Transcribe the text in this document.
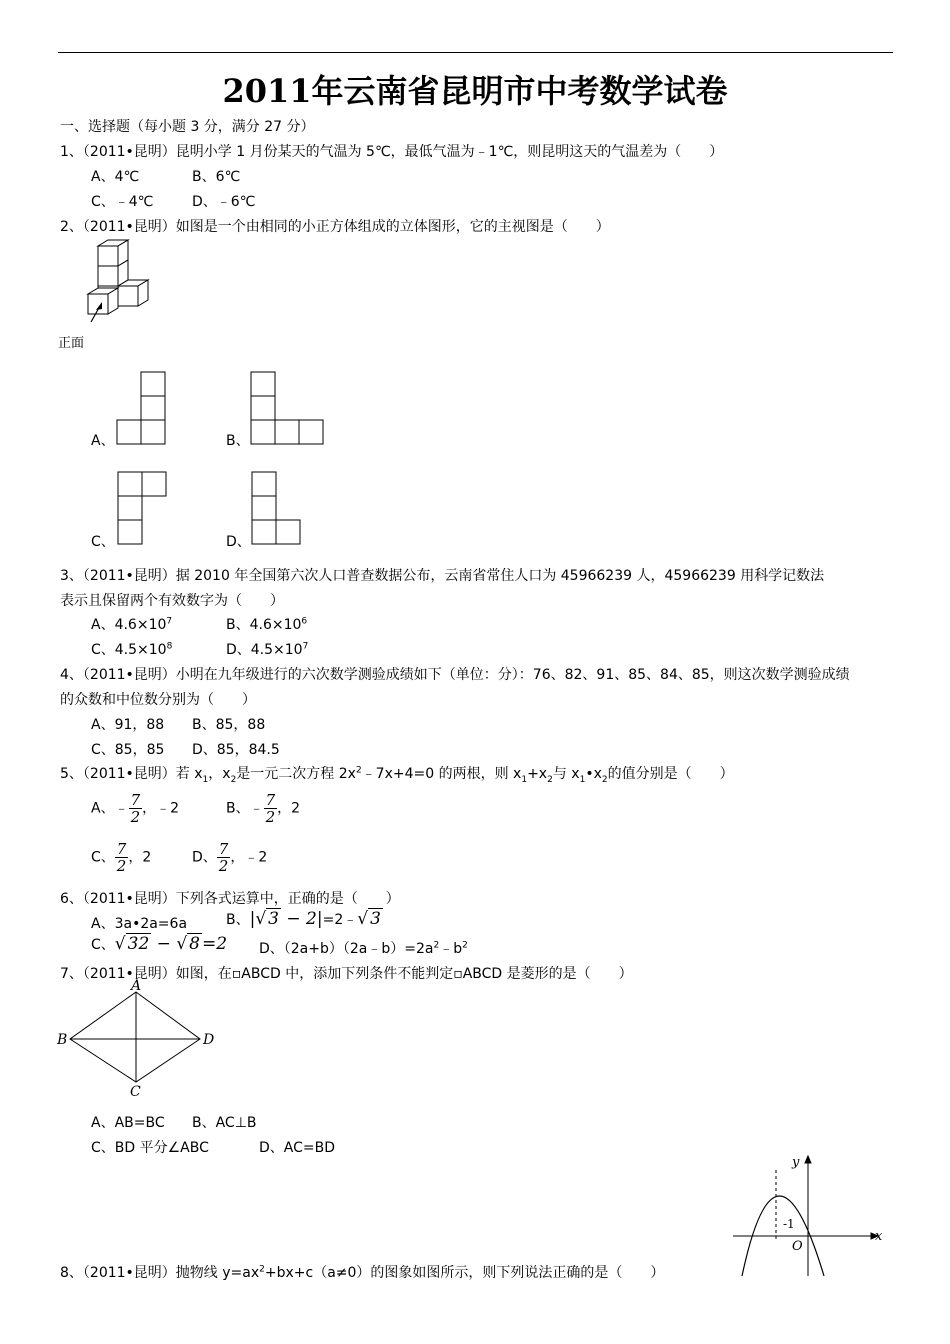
2011年云南省昆明市中考数学试卷
一、选择题（每小题 3 分，满分 27 分）
1、（2011•昆明）昆明小学 1 月份某天的气温为 5℃，最低气温为﹣1℃，则昆明这天的气温差为（　　）
A、4℃	B、6℃
C、﹣4℃	D、﹣6℃
2、（2011•昆明）如图是一个由相同的小正方体组成的立体图形，它的主视图是（　　）
正面
A、	B、
C、	D、
3、（2011•昆明）据 2010 年全国第六次人口普查数据公布，云南省常住人口为 45966239 人，45966239 用科学记数法
表示且保留两个有效数字为（　　）
A、$4.6\times 10^7$	B、$4.6\times 10^6$
C、$4.5\times 10^8$	D、$4.5\times 10^7$
4、（2011•昆明）小明在九年级进行的六次数学测验成绩如下（单位：分）：76、82、91、85、84、85，则这次数学测验成绩
的众数和中位数分别为（　　）
A、91，88 B、85，88
C、85，85 D、85，84.5
5、（2011•昆明）若 $x_1$，$x_2$是一元二次方程 $2x^2﹣7x+4=0$ 的两根，则 $x_1+x_2$与 $x_1•x_2$的值分别是（　　）
A、﹣ $\frac{7}{2}$ ，﹣2	B、﹣ $\frac{7}{2}$ ，2
C、 $\frac{7}{2}$ ，2	D、 $\frac{7}{2}$ ，﹣2
6、（2011•昆明）下列各式运算中，正确的是（　　）
A、3a•2a=6a	B、|√ 3 − 2|=2﹣√ 3
C、√ 32 − √ 8 =2 D、$(2a+b)(2a﹣b)=2a^2﹣b^2$
7、（2011•昆明）如图，在▫ABCD 中，添加下列条件不能判定▫ABCD 是菱形的是（　　）
A
B
C
D
A、AB=BC B、AC⊥B
C、BD 平分∠ABC	D、AC=BD
y
x
O
-1
8、（2011•昆明）抛物线 $y=ax^2+bx+c(a\ne 0)$的图象如图所示，则下列说法正确的是（　　）
